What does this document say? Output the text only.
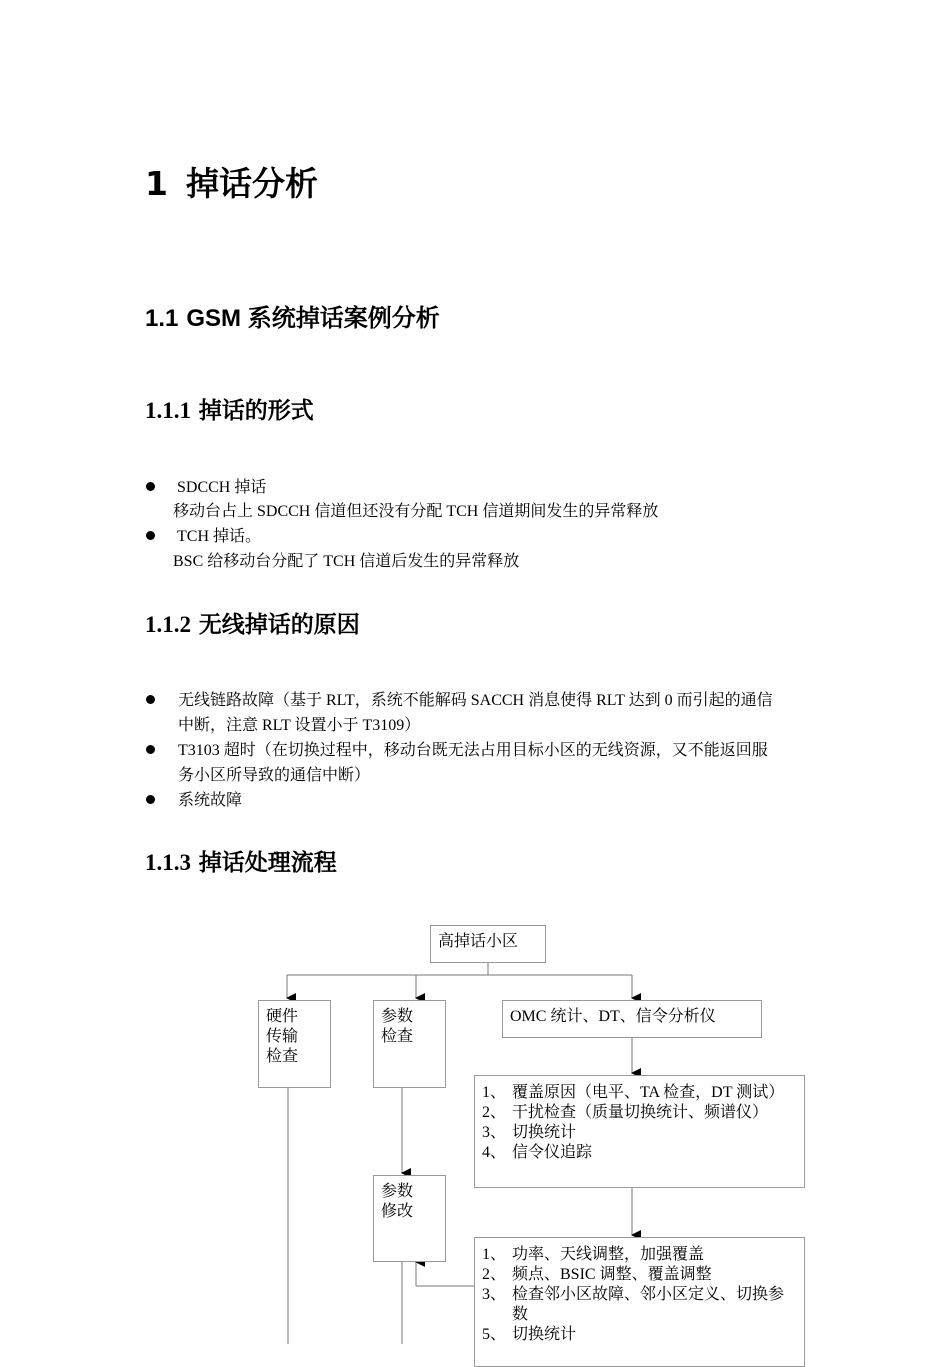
1 掉话分析
1.1 GSM 系统掉话案例分析
1.1.1 掉话的形式
SDCCH 掉话
移动台占上 SDCCH 信道但还没有分配 TCH 信道期间发生的异常释放
TCH 掉话。
BSC 给移动台分配了 TCH 信道后发生的异常释放
1.1.2 无线掉话的原因
无线链路故障（基于 RLT，系统不能解码 SACCH 消息使得 RLT 达到 0 而引起的通信
中断，注意 RLT 设置小于 T3109）
T3103 超时（在切换过程中，移动台既无法占用目标小区的无线资源，又不能返回服
务小区所导致的通信中断）
系统故障
1.1.3 掉话处理流程
高掉话小区
硬件
传输
检查
参数
检查
OMC 统计、DT、信令分析仪
1、 覆盖原因（电平、TA 检查，DT 测试）
2、 干扰检查（质量切换统计、频谱仪）
3、 切换统计
4、 信令仪追踪
参数
修改
1、 功率、天线调整，加强覆盖
2、 频点、BSIC 调整、覆盖调整
3、 检查邻小区故障、邻小区定义、切换参数
5、 切换统计
